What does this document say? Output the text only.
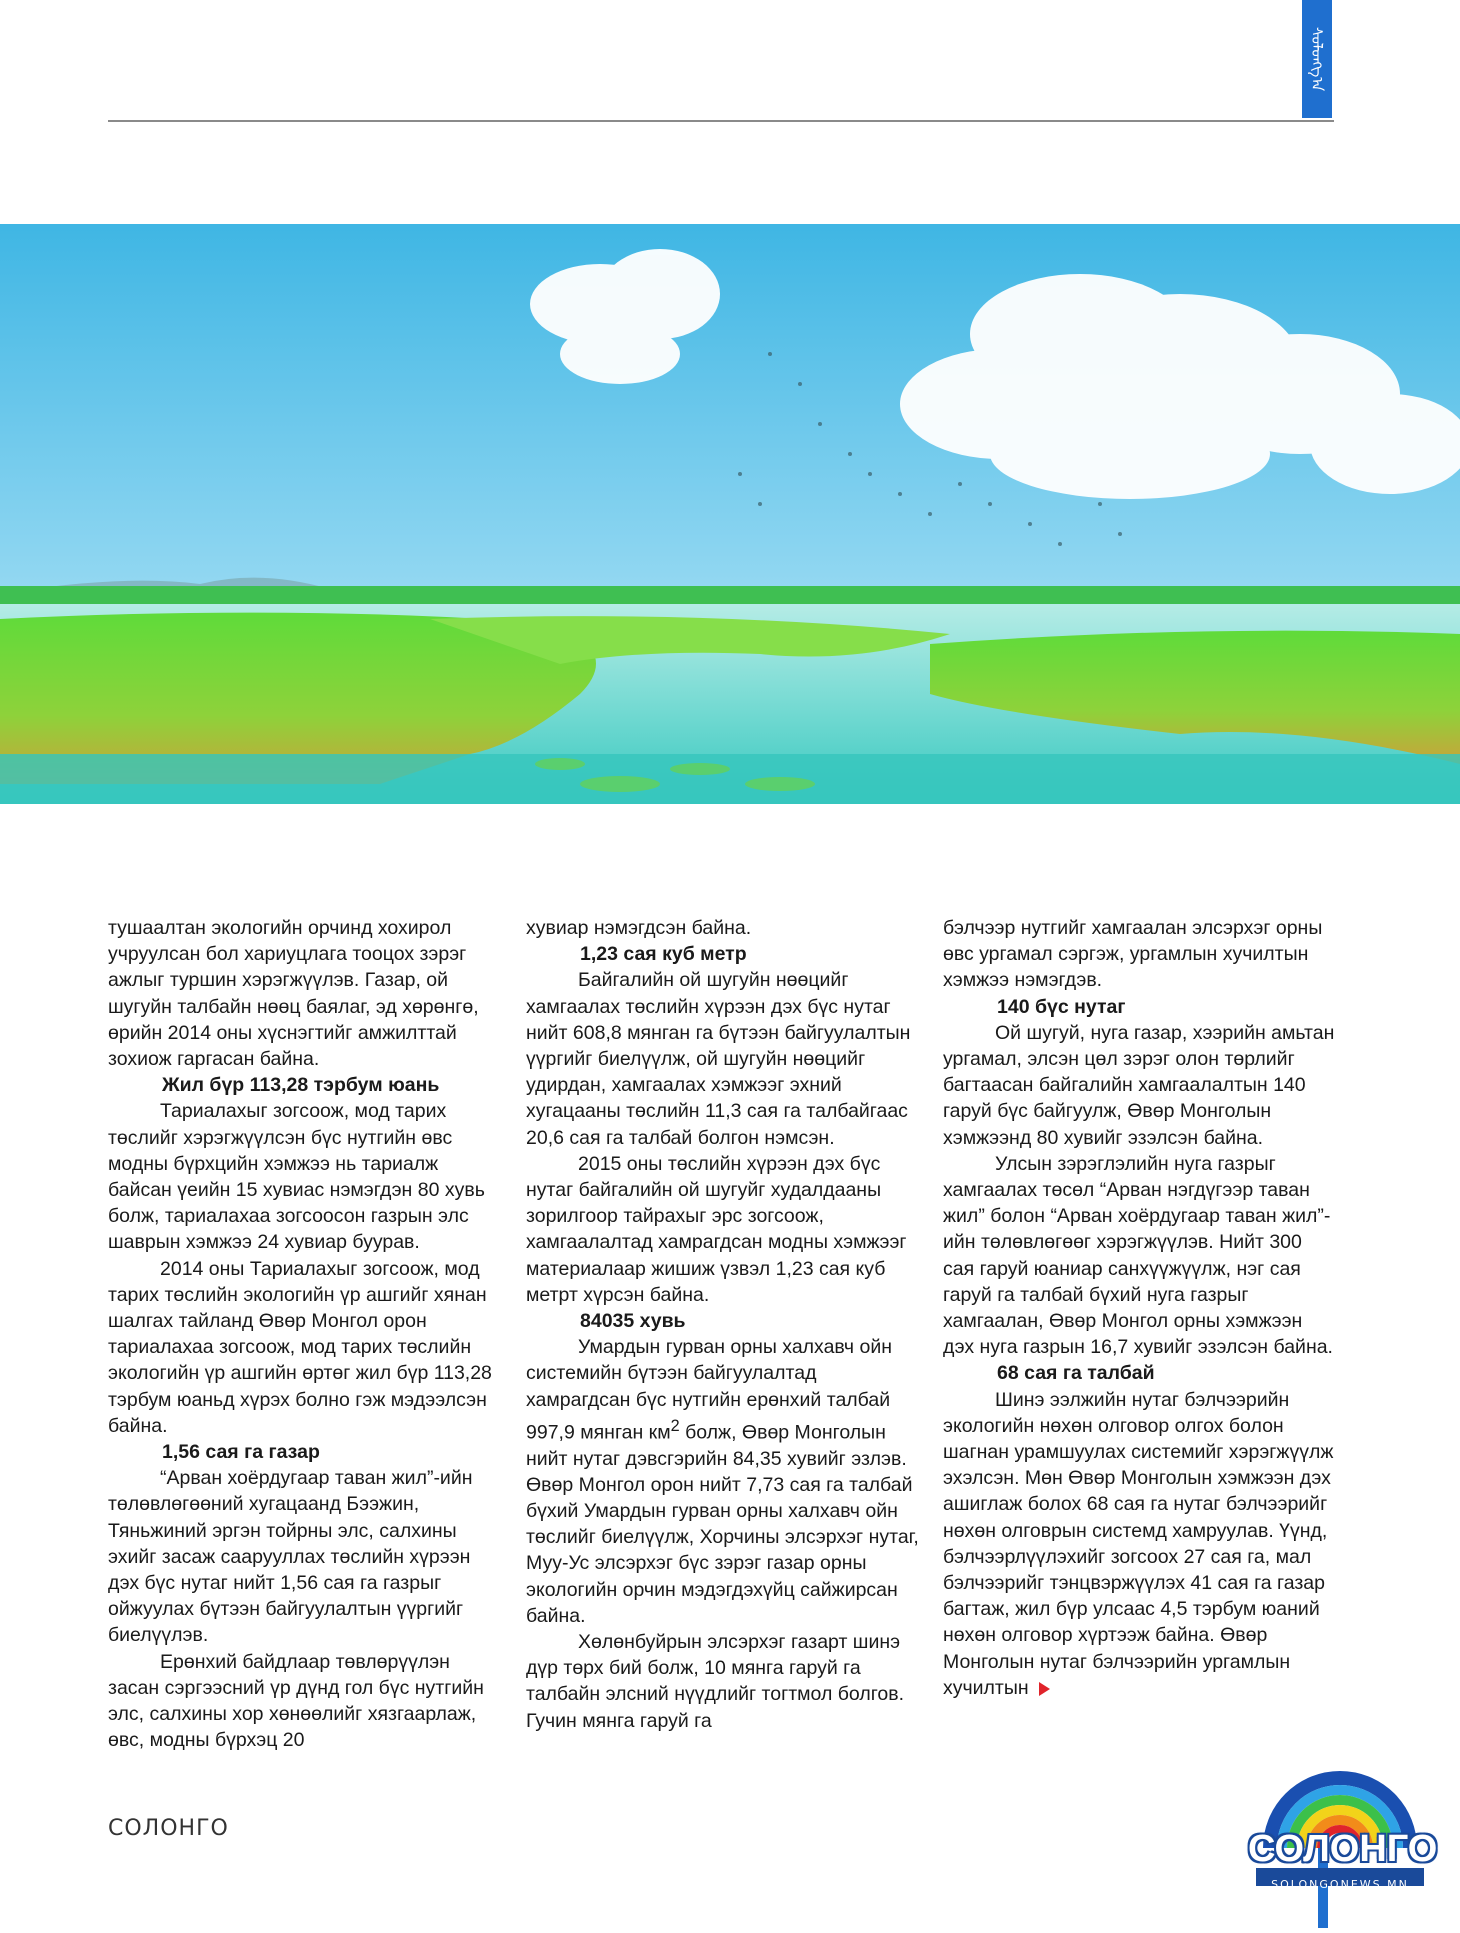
ᠰᠣᠯᠣᠩᠭ᠎ᠠ

тушаалтан экологийн орчинд хохирол учруулсан бол хариуцлага тооцох зэрэг ажлыг туршин хэрэгжүүлэв. Газар, ой шугуйн талбайн нөөц баялаг, эд хөрөнгө, өрийн 2014 оны хүснэгтийг амжилттай зохиож гаргасан байна.

Жил бүр 113,28 тэрбум юань

Тариалахыг зогсоож, мод тарих төслийг хэрэгжүүлсэн бүс нутгийн өвс модны бүрхцийн хэмжээ нь тариалж байсан үеийн 15 хувиас нэмэгдэн 80 хувь болж, тариалахаа зогсоосон газрын элс шаврын хэмжээ 24 хувиар буурав.

2014 оны Тариалахыг зогсоож, мод тарих төслийн экологийн үр ашгийг хянан шалгах тайланд Өвөр Монгол орон тариалахаа зогсоож, мод тарих төслийн экологийн үр ашгийн өртөг жил бүр 113,28 тэрбум юаньд хүрэх болно гэж мэдээлсэн байна.

1,56 сая га газар

“Арван хоёрдугаар таван жил”-ийн төлөвлөгөөний хугацаанд Бээжин, Тяньжиний эргэн тойрны элс, салхины эхийг засаж саарууллах төслийн хүрээн дэх бүс нутаг нийт 1,56 сая га газрыг ойжуулах бүтээн байгуулалтын үүргийг биелүүлэв.

Ерөнхий байдлаар төвлөрүүлэн засан сэргээсний үр дүнд гол бүс нутгийн элс, салхины хор хөнөөлийг хязгаарлаж, өвс, модны бүрхэц 20

хувиар нэмэгдсэн байна.

1,23 сая куб метр

Байгалийн ой шугуйн нөөцийг хамгаалах төслийн хүрээн дэх бүс нутаг нийт 608,8 мянган га бүтээн байгуулалтын үүргийг биелүүлж, ой шугуйн нөөцийг удирдан, хамгаалах хэмжээг эхний хугацааны төслийн 11,3 сая га талбайгаас 20,6 сая га талбай болгон нэмсэн.

2015 оны төслийн хүрээн дэх бүс нутаг байгалийн ой шугуйг худалдааны зорилгоор тайрахыг эрс зогсоож, хамгаалалтад хамрагдсан модны хэмжээг материалаар жишиж үзвэл 1,23 сая куб метрт хүрсэн байна.

84035 хувь

Умардын гурван орны халхавч ойн системийн бүтээн байгуулалтад хамрагдсан бүс нутгийн ерөнхий талбай 997,9 мянган $км^2$ болж, Өвөр Монголын нийт нутаг дэвсгэрийн 84,35 хувийг эзлэв. Өвөр Монгол орон нийт 7,73 сая га талбай бүхий Умардын гурван орны халхавч ойн төслийг биелүүлж, Хорчины элсэрхэг нутаг, Муу-Ус элсэрхэг бүс зэрэг газар орны экологийн орчин мэдэгдэхүйц сайжирсан байна.

Хөлөнбуйрын элсэрхэг газарт шинэ дүр төрх бий болж, 10 мянга гаруй га талбайн элсний нүүдлийг тогтмол болгов. Гучин мянга гаруй га

бэлчээр нутгийг хамгаалан элсэрхэг орны өвс ургамал сэргэж, ургамлын хучилтын хэмжээ нэмэгдэв.

140 бүс нутаг

Ой шугуй, нуга газар, хээрийн амьтан ургамал, элсэн цөл зэрэг олон төрлийг багтаасан байгалийн хамгаалалтын 140 гаруй бүс байгуулж, Өвөр Монголын хэмжээнд 80 хувийг эзэлсэн байна.

Улсын зэрэглэлийн нуга газрыг хамгаалах төсөл “Арван нэгдүгээр таван жил” болон “Арван хоёрдугаар таван жил”-ийн төлөвлөгөөг хэрэгжүүлэв. Нийт 300 сая гаруй юаниар санхүүжүүлж, нэг сая гаруй га талбай бүхий нуга газрыг хамгаалан, Өвөр Монгол орны хэмжээн дэх нуга газрын 16,7 хувийг эзэлсэн байна.

68 сая га талбай

Шинэ ээлжийн нутаг бэлчээрийн экологийн нөхөн олговор олгох болон шагнан урамшуулах системийг хэрэгжүүлж эхэлсэн. Мөн Өвөр Монголын хэмжээн дэх ашиглаж болох 68 сая га нутаг бэлчээрийг нөхөн олговрын системд хамруулав. Үүнд, бэлчээрлүүлэхийг зогсоох 27 сая га, мал бэлчээрийг тэнцвэржүүлэх 41 сая га газар багтаж, жил бүр улсаас 4,5 тэрбум юаний нөхөн олговор хүртээж байна. Өвөр Монголын нутаг бэлчээрийн ургамлын хучилтын

СОЛОНГО	СОЛОНГО
SOLONGONEWS.MN
